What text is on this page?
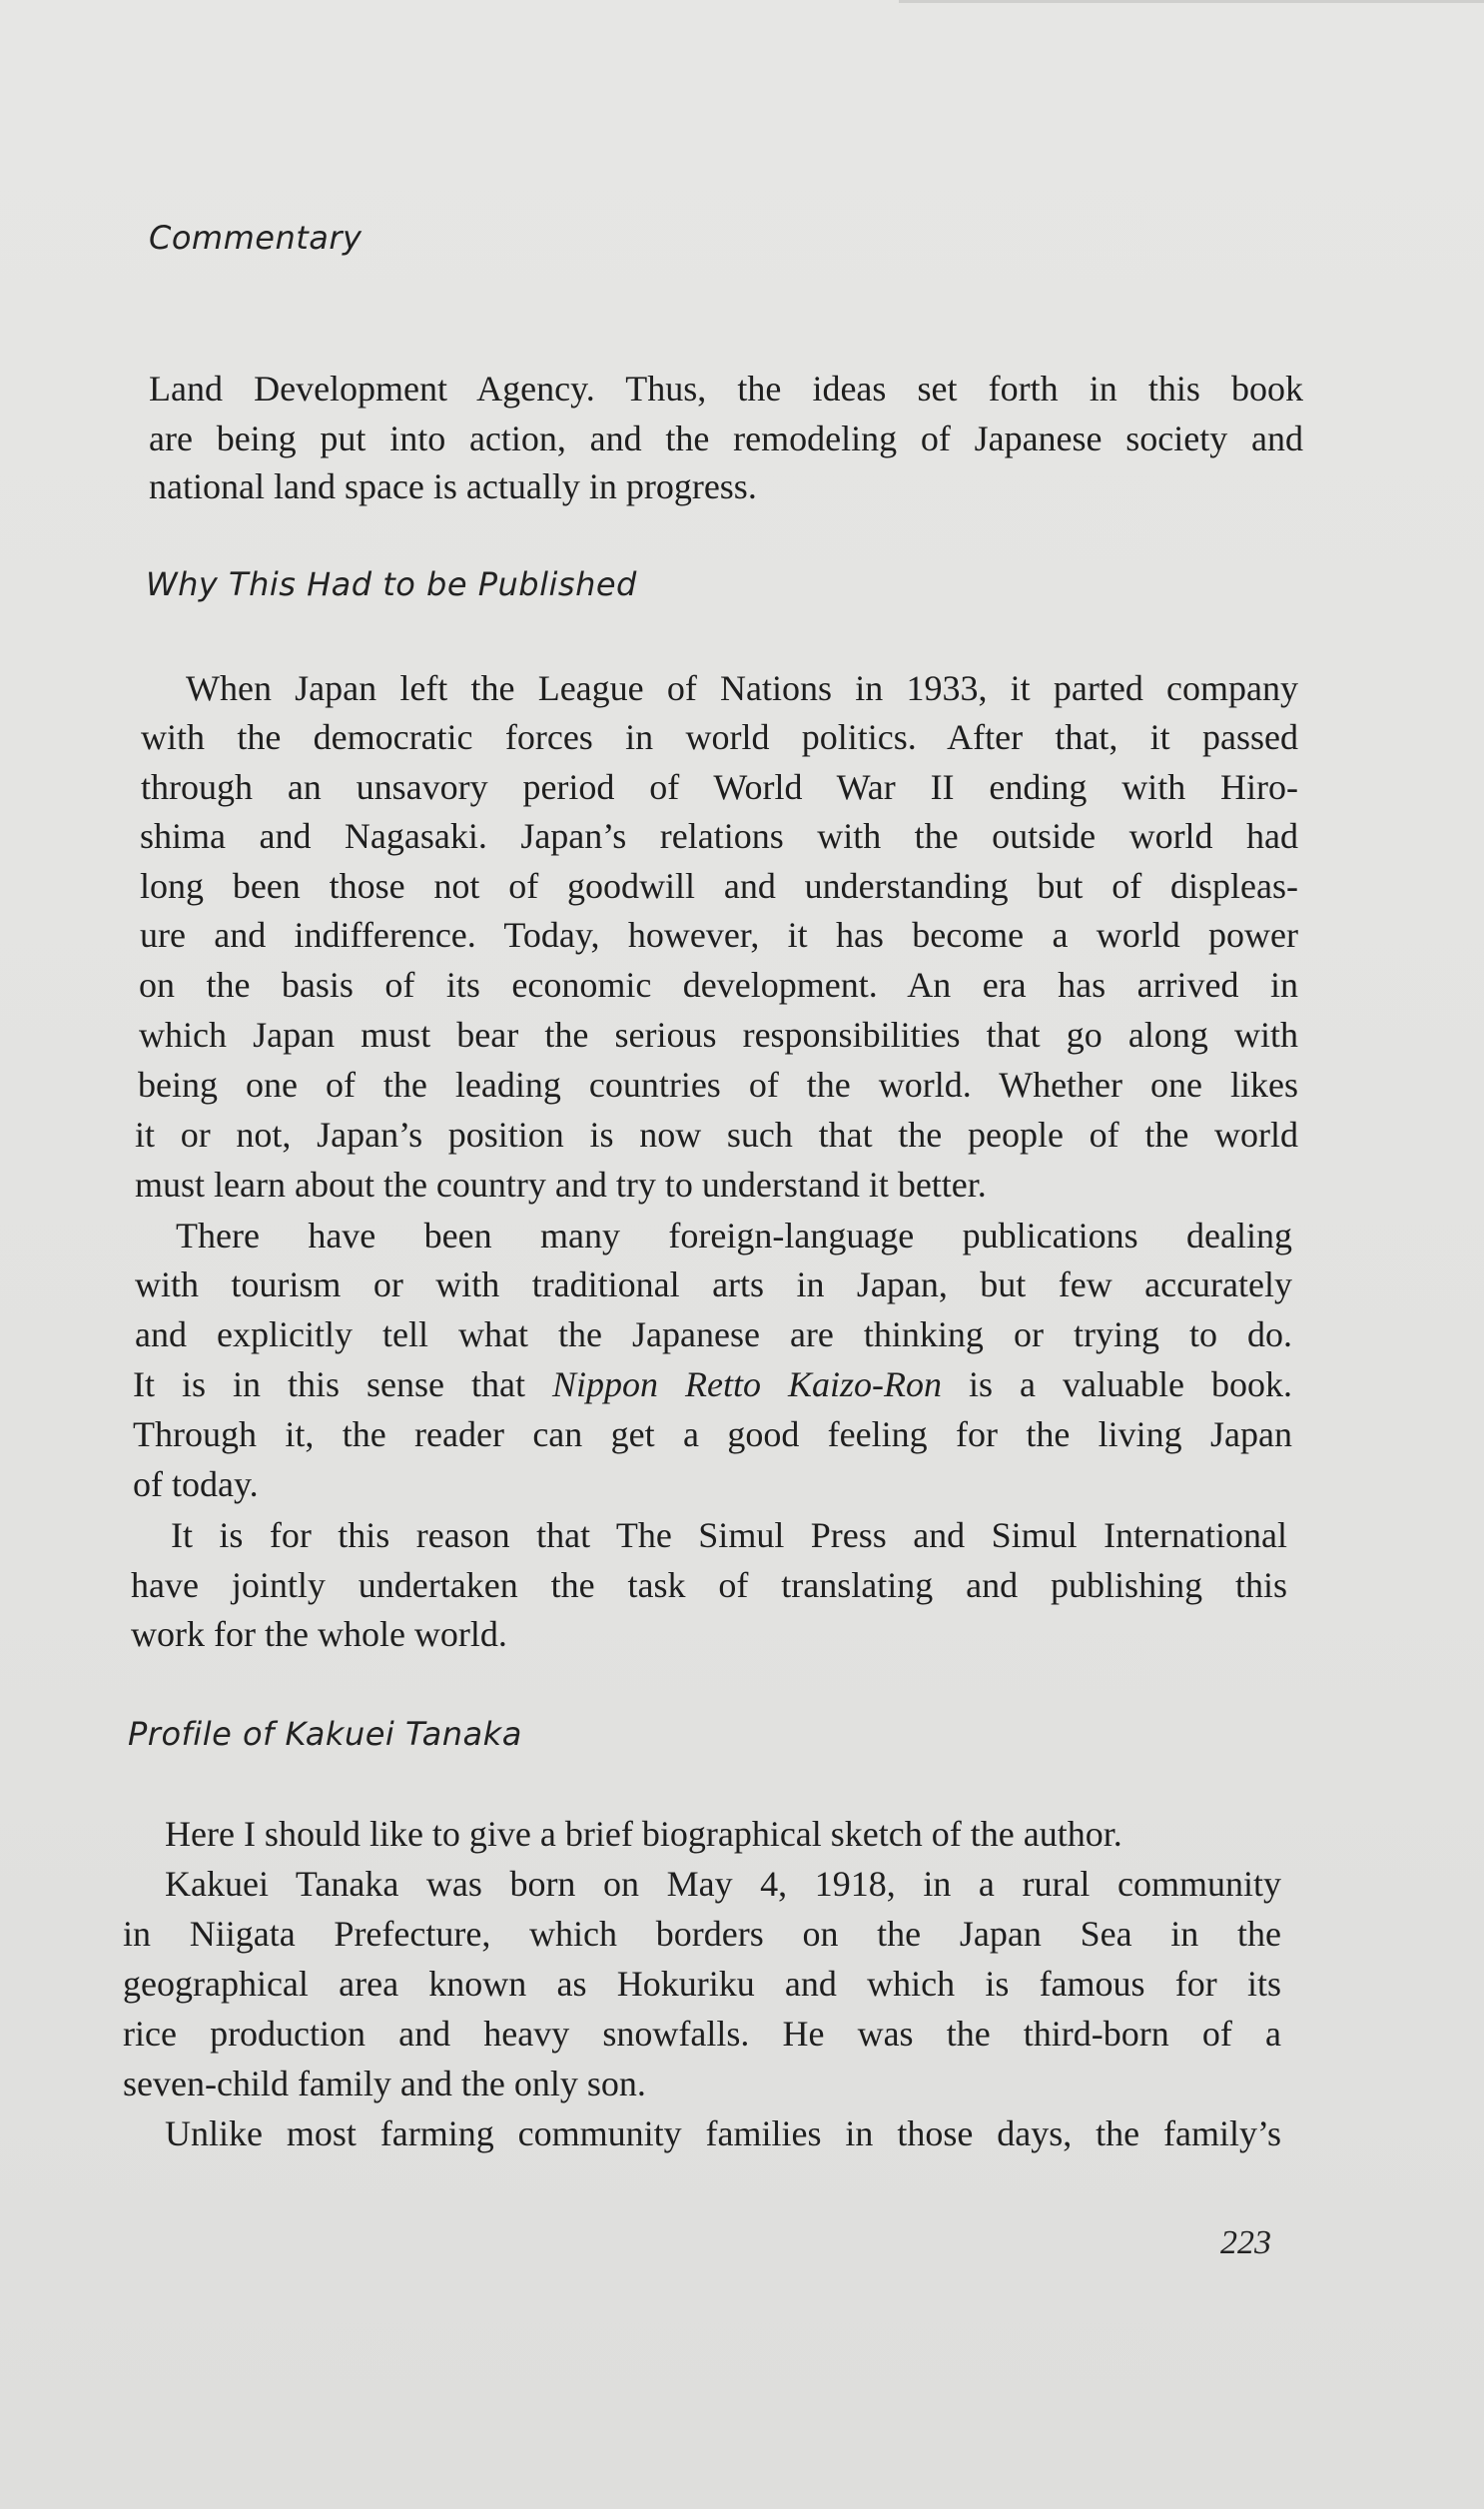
Commentary
Land Development Agency. Thus, the ideas set forth in this book
are being put into action, and the remodeling of Japanese society and
national land space is actually in progress.
Why This Had to be Published
When Japan left the League of Nations in 1933, it parted company
with the democratic forces in world politics. After that, it passed
through an unsavory period of World War II ending with Hiro-
shima and Nagasaki. Japan’s relations with the outside world had
long been those not of goodwill and understanding but of displeas-
ure and indifference. Today, however, it has become a world power
on the basis of its economic development. An era has arrived in
which Japan must bear the serious responsibilities that go along with
being one of the leading countries of the world. Whether one likes
it or not, Japan’s position is now such that the people of the world
must learn about the country and try to understand it better.
There have been many foreign-language publications dealing
with tourism or with traditional arts in Japan, but few accurately
and explicitly tell what the Japanese are thinking or trying to do.
It is in this sense that Nippon Retto Kaizo-Ron is a valuable book.
Through it, the reader can get a good feeling for the living Japan
of today.
It is for this reason that The Simul Press and Simul International
have jointly undertaken the task of translating and publishing this
work for the whole world.
Profile of Kakuei Tanaka
Here I should like to give a brief biographical sketch of the author.
Kakuei Tanaka was born on May 4, 1918, in a rural community
in Niigata Prefecture, which borders on the Japan Sea in the
geographical area known as Hokuriku and which is famous for its
rice production and heavy snowfalls. He was the third-born of a
seven-child family and the only son.
Unlike most farming community families in those days, the family’s
223
